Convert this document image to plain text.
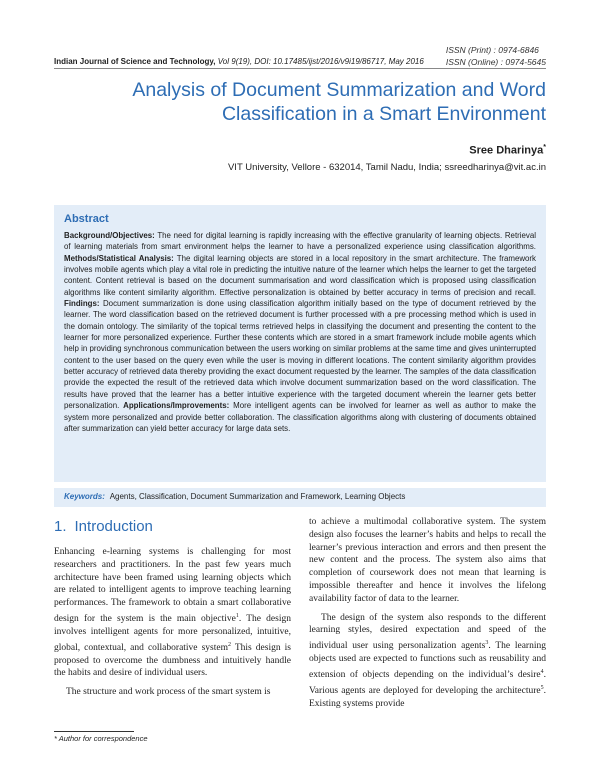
ISSN (Print) : 0974-6846
ISSN (Online) : 0974-5645
Indian Journal of Science and Technology, Vol 9(19), DOI: 10.17485/ijst/2016/v9i19/86717, May 2016
Analysis of Document Summarization and Word
Classification in a Smart Environment
Sree Dharinya*
VIT University, Vellore - 632014, Tamil Nadu, India; ssreedharinya@vit.ac.in
Abstract
Background/Objectives: The need for digital learning is rapidly increasing with the effective granularity of learning objects. Retrieval of learning materials from smart environment helps the learner to have a personalized experience using classification algorithms. Methods/Statistical Analysis: The digital learning objects are stored in a local repository in the smart architecture. The framework involves mobile agents which play a vital role in predicting the intuitive nature of the learner which helps the learner to get the targeted content. Content retrieval is based on the document summarisation and word classification which is proposed using classification algorithms like content similarity algorithm. Effective personalization is obtained by better accuracy in terms of precision and recall. Findings: Document summarization is done using classification algorithm initially based on the type of document retrieved by the learner. The word classification based on the retrieved document is further processed with a pre processing method which is used in the domain ontology. The similarity of the topical terms retrieved helps in classifying the document and presenting the content to the learner for more personalized experience. Further these contents which are stored in a smart framework include mobile agents which help in providing synchronous communication between the users working on similar problems at the same time and gives uninterrupted content to the user based on the query even while the user is moving in different locations. The content similarity algorithm provides better accuracy of retrieved data thereby providing the exact document requested by the learner. The samples of the data classification provide the expected the result of the retrieved data which involve document summarization based on the word classification. The results have proved that the learner has a better intuitive experience with the targeted document wherein the learner gets better personalization. Applications/Improvements: More intelligent agents can be involved for learner as well as author to make the system more personalized and provide better collaboration. The classification algorithms along with clustering of documents obtained after summarization can yield better accuracy for large data sets.
Keywords: Agents, Classification, Document Summarization and Framework, Learning Objects
1. Introduction

Enhancing e-learning systems is challenging for most researchers and practitioners. In the past few years much architecture have been framed using learning objects which are related to intelligent agents to improve teaching learning performances. The framework to obtain a smart collaborative design for the system is the main objective$^1$. The design involves intelligent agents for more personalized, intuitive, global, contextual, and collaborative system$^2$ This design is proposed to overcome the dumbness and intuitively handle the habits and desire of individual users.

The structure and work process of the smart system is

to achieve a multimodal collaborative system. The system design also focuses the learner’s habits and helps to recall the learner’s previous interaction and errors and then present the new content and the process. The system also aims that completion of coursework does not mean that learning is impossible thereafter and hence it involves the lifelong availability factor of data to the learner.

The design of the system also responds to the different learning styles, desired expectation and speed of the individual user using personalization agents$^3$. The learning objects used are expected to functions such as reusability and extension of objects depending on the individual’s desire$^4$. Various agents are deployed for developing the architecture$^5$. Existing systems provide

* Author for correspondence
